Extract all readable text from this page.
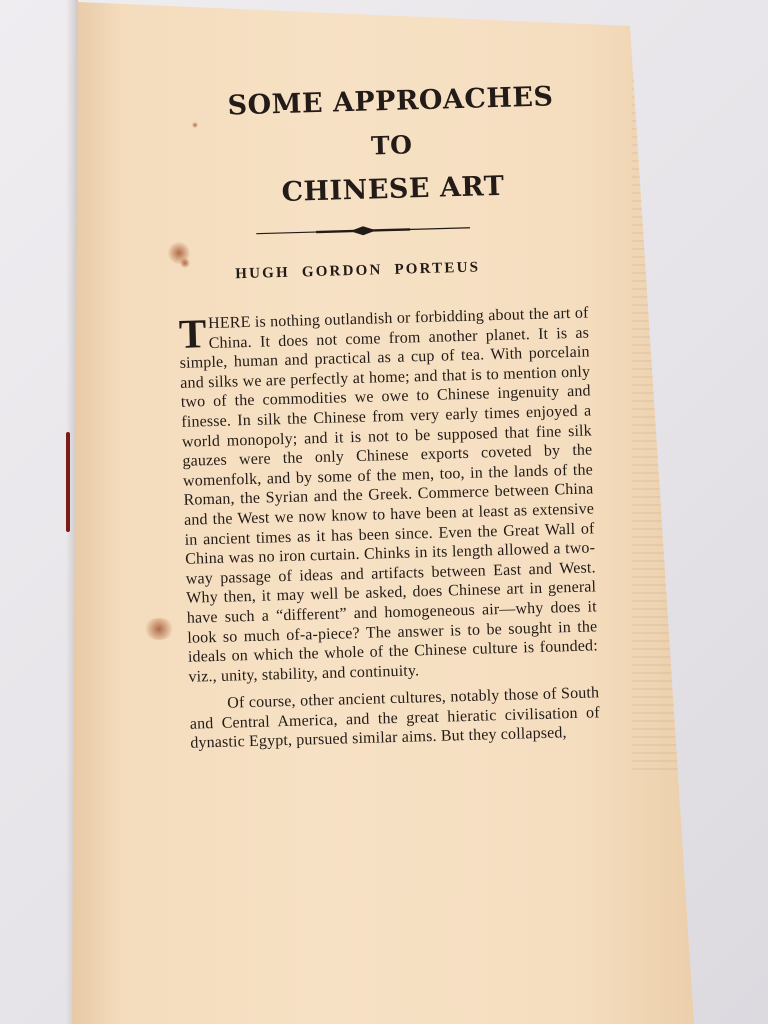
SOME APPROACHES
TO
CHINESE ART
HUGH GORDON PORTEUS

THERE is nothing outlandish or forbidding about the art of China. It does not come from another planet. It is as simple, human and practical as a cup of tea. With porcelain and silks we are perfectly at home; and that is to mention only two of the commodities we owe to Chinese ingenuity and finesse. In silk the Chinese from very early times enjoyed a world monopoly; and it is not to be supposed that fine silk gauzes were the only Chinese exports coveted by the womenfolk, and by some of the men, too, in the lands of the Roman, the Syrian and the Greek. Commerce between China and the West we now know to have been at least as extensive in ancient times as it has been since. Even the Great Wall of China was no iron curtain. Chinks in its length allowed a two-way passage of ideas and artifacts between East and West. Why then, it may well be asked, does Chinese art in general have such a “different” and homogeneous air—why does it look so much of-a-piece? The answer is to be sought in the ideals on which the whole of the Chinese culture is founded: viz., unity, stability, and continuity.

Of course, other ancient cultures, notably those of South and Central America, and the great hieratic civilisation of dynastic Egypt, pursued similar aims. But they collapsed,
